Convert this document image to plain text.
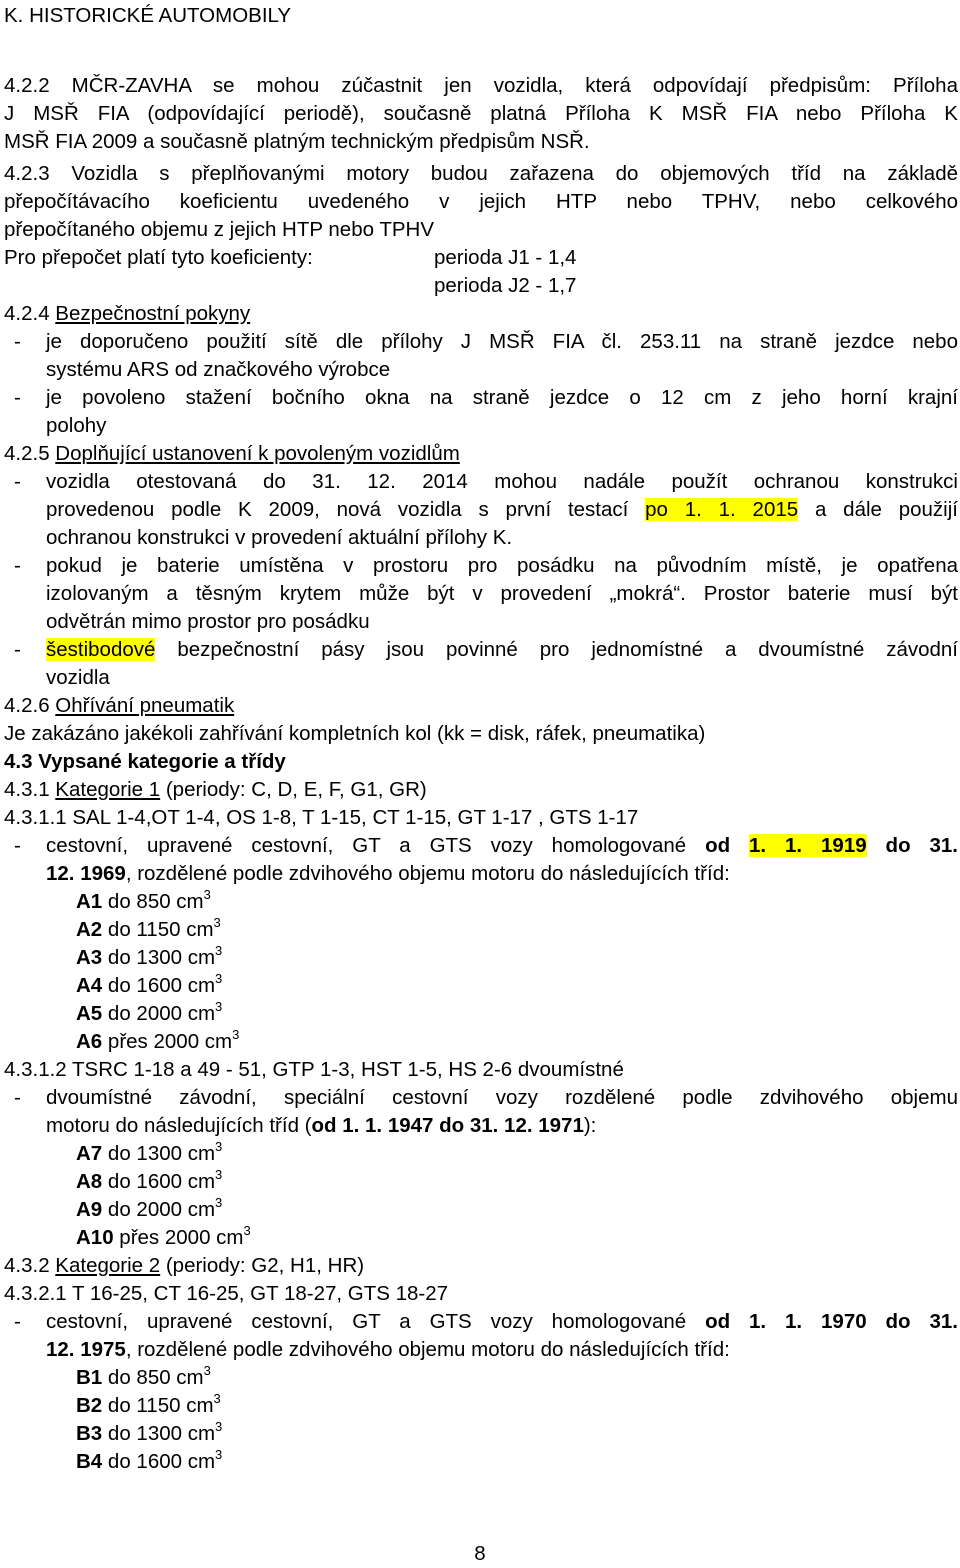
K. HISTORICKÉ AUTOMOBILY
4.2.2 MČR-ZAVHA se mohou zúčastnit jen vozidla, která odpovídají předpisům: Příloha
J MSŘ FIA (odpovídající periodě), současně platná Příloha K MSŘ FIA nebo Příloha K
MSŘ FIA 2009 a současně platným technickým předpisům NSŘ.
4.2.3 Vozidla s přeplňovanými motory budou zařazena do objemových tříd na základě
přepočítávacího koeficientu uvedeného v jejich HTP nebo TPHV, nebo celkového
přepočítaného objemu z jejich HTP nebo TPHV
Pro přepočet platí tyto koeficienty:	perioda J1 - 1,4
perioda J2 - 1,7
4.2.4 Bezpečnostní pokyny
-	je doporučeno použití sítě dle přílohy J MSŘ FIA čl. 253.11 na straně jezdce nebo
systému ARS od značkového výrobce
-	je povoleno stažení bočního okna na straně jezdce o 12 cm z jeho horní krajní
polohy
4.2.5 Doplňující ustanovení k povoleným vozidlům
-	vozidla otestovaná do 31. 12. 2014 mohou nadále použít ochranou konstrukci
provedenou podle K 2009, nová vozidla s první testací po 1. 1. 2015 a dále použijí
ochranou konstrukci v provedení aktuální přílohy K.
-	pokud je baterie umístěna v prostoru pro posádku na původním místě, je opatřena
izolovaným a těsným krytem může být v provedení „mokrá“. Prostor baterie musí být
odvětrán mimo prostor pro posádku
-	šestibodové bezpečnostní pásy jsou povinné pro jednomístné a dvoumístné závodní
vozidla
4.2.6 Ohřívání pneumatik
Je zakázáno jakékoli zahřívání kompletních kol (kk = disk, ráfek, pneumatika)
4.3 Vypsané kategorie a třídy
4.3.1 Kategorie 1 (periody: C, D, E, F, G1, GR)
4.3.1.1 SAL 1-4,OT 1-4, OS 1-8, T 1-15, CT 1-15, GT 1-17 , GTS 1-17
-	cestovní, upravené cestovní, GT a GTS vozy homologované od 1. 1. 1919 do 31.
12. 1969, rozdělené podle zdvihového objemu motoru do následujících tříd:
A1 do 850 $cm^3$
A2 do 1150 $cm^3$
A3 do 1300 $cm^3$
A4 do 1600 $cm^3$
A5 do 2000 $cm^3$
A6 přes 2000 $cm^3$
4.3.1.2 TSRC 1-18 a 49 - 51, GTP 1-3, HST 1-5, HS 2-6 dvoumístné
-	dvoumístné závodní, speciální cestovní vozy rozdělené podle zdvihového objemu
motoru do následujících tříd (od 1. 1. 1947 do 31. 12. 1971):
A7 do 1300 $cm^3$
A8 do 1600 $cm^3$
A9 do 2000 $cm^3$
A10 přes 2000 $cm^3$
4.3.2 Kategorie 2 (periody: G2, H1, HR)
4.3.2.1 T 16-25, CT 16-25, GT 18-27, GTS 18-27
-	cestovní, upravené cestovní, GT a GTS vozy homologované od 1. 1. 1970 do 31.
12. 1975, rozdělené podle zdvihového objemu motoru do následujících tříd:
B1 do 850 $cm^3$
B2 do 1150 $cm^3$
B3 do 1300 $cm^3$
B4 do 1600 $cm^3$
8
